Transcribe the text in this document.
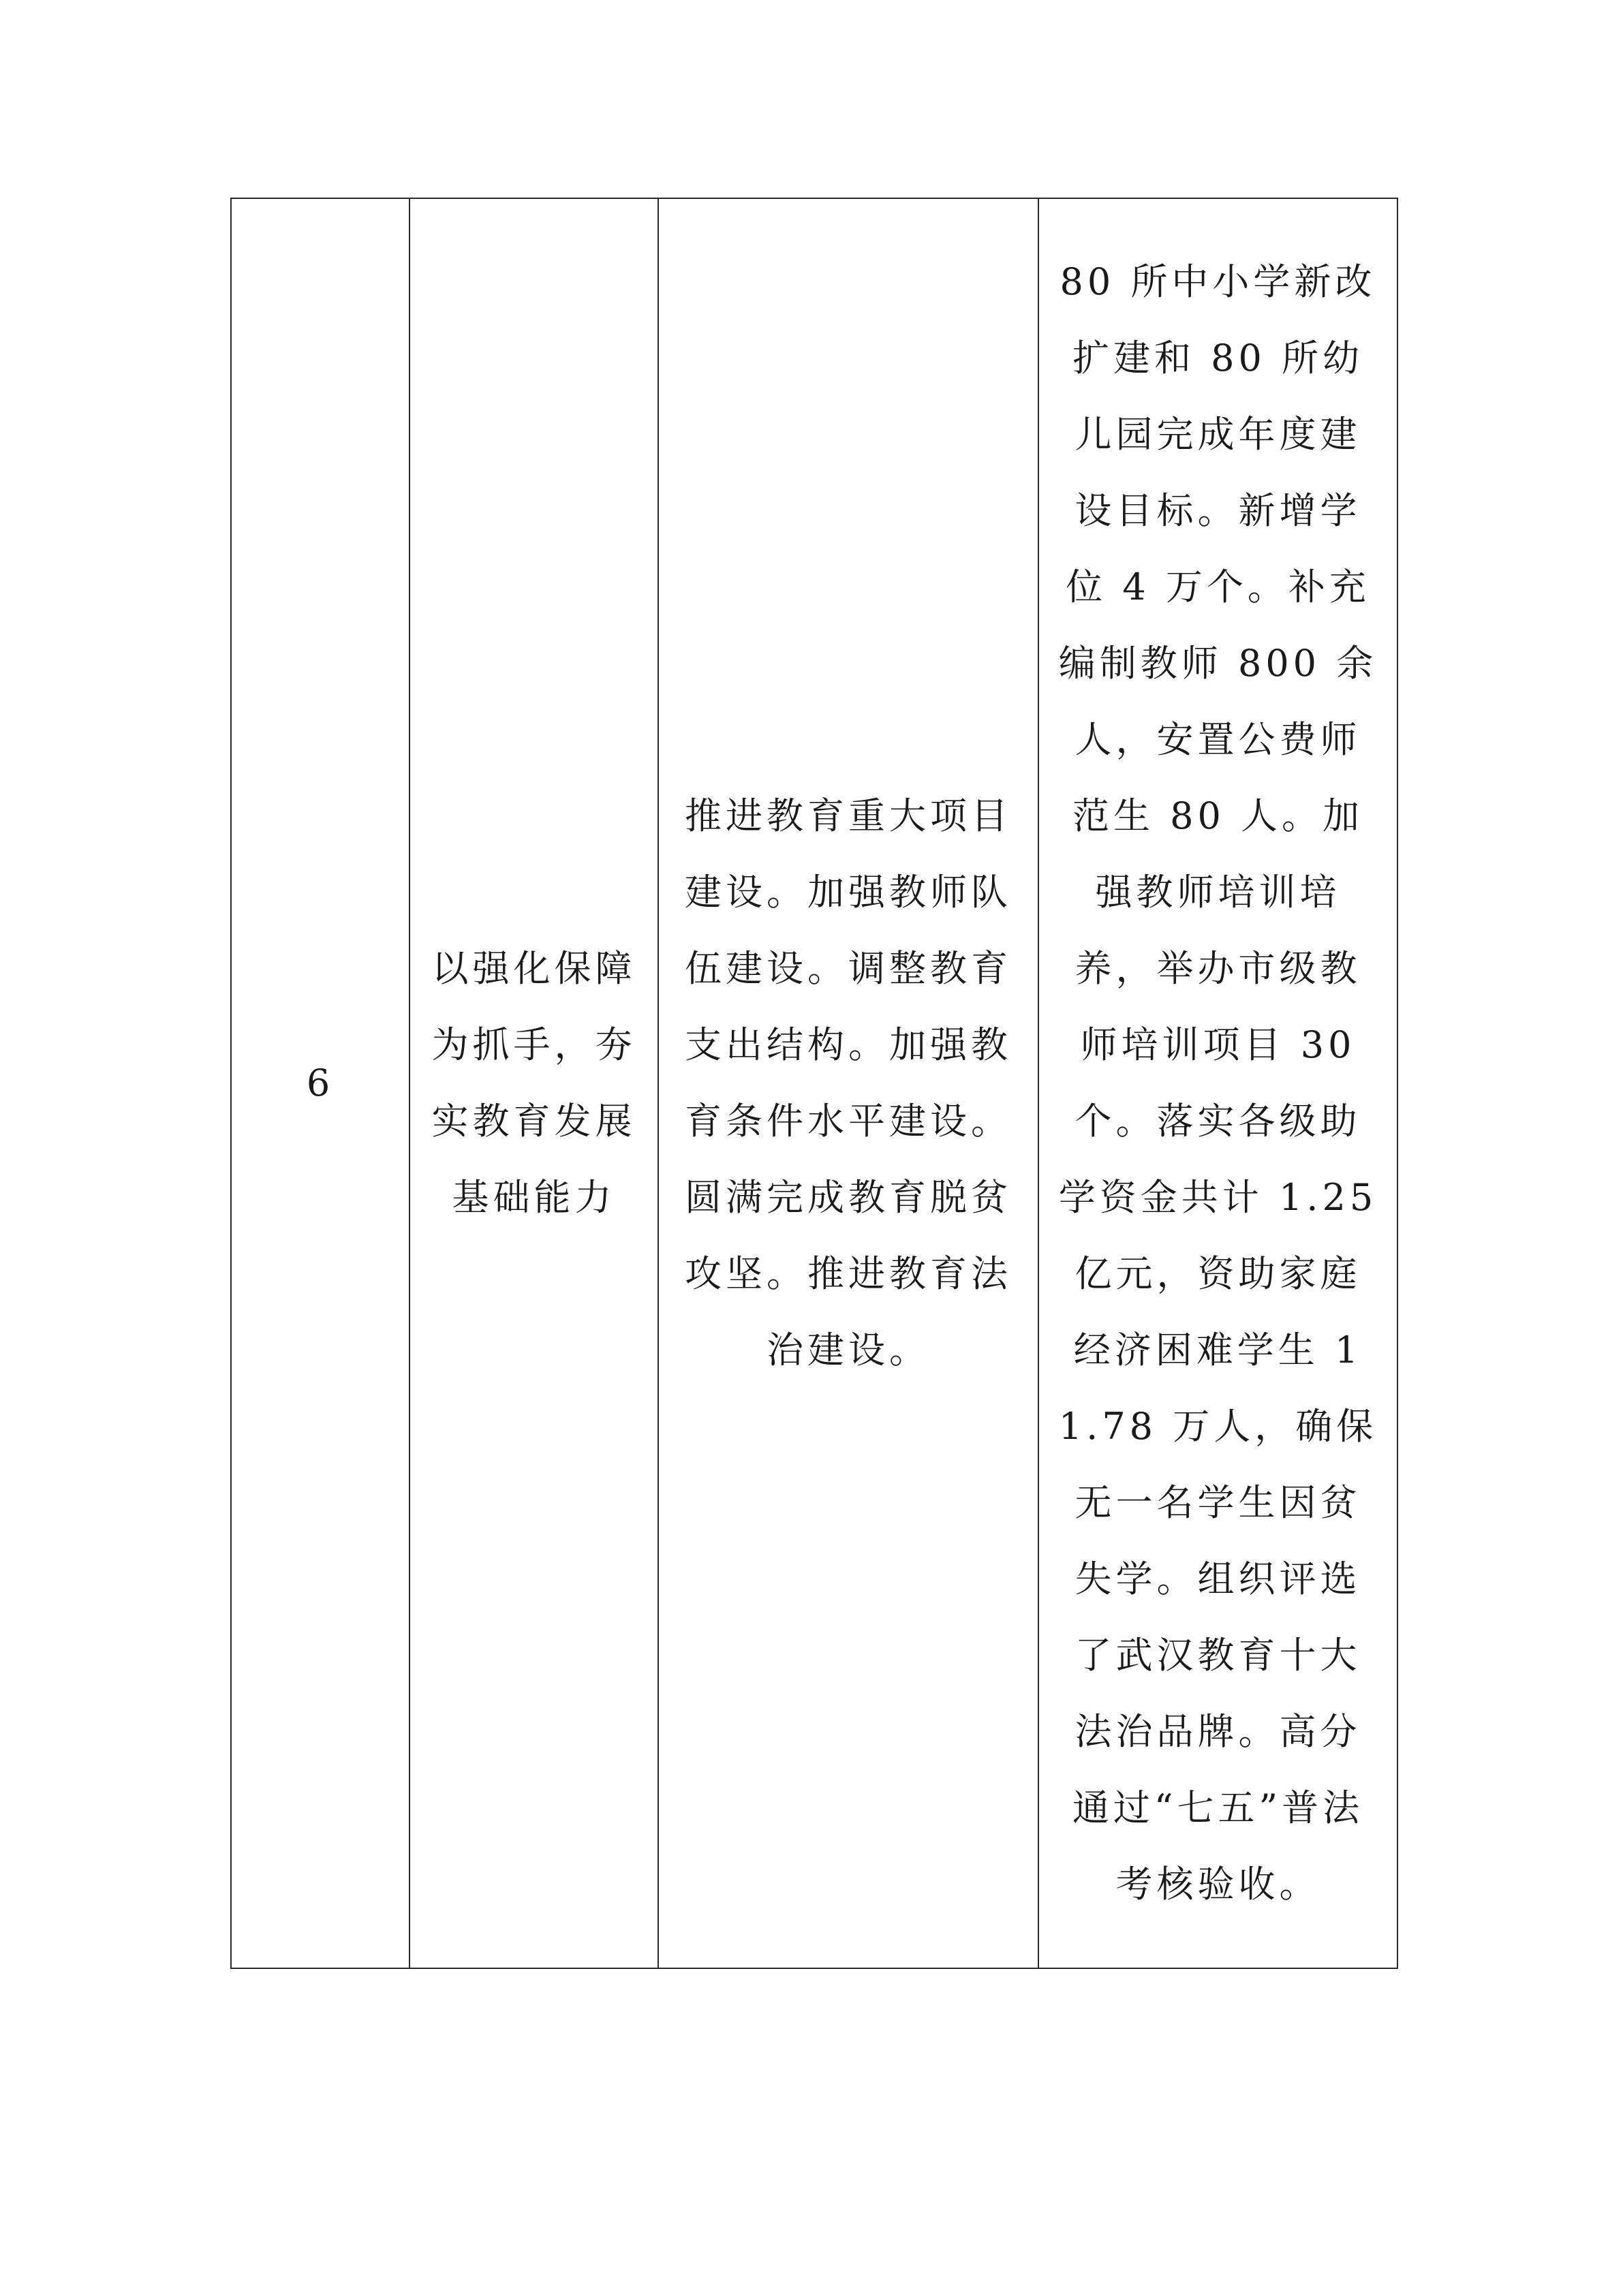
6	以强化保障为抓手，夯实教育发展基础能力	推进教育重大项目建设。加强教师队伍建设。调整教育支出结构。加强教育条件水平建设。圆满完成教育脱贫攻坚。推进教育法治建设。	80 所中小学新改扩建和 80 所幼儿园完成年度建设目标。新增学位 4 万个。补充编制教师 800 余人，安置公费师范生 80 人。加强教师培训培养，举办市级教师培训项目 30 个。落实各级助学资金共计 1.25 亿元，资助家庭经济困难学生 11.78 万人，确保无一名学生因贫失学。组织评选了武汉教育十大法治品牌。高分通过“七五”普法考核验收。
